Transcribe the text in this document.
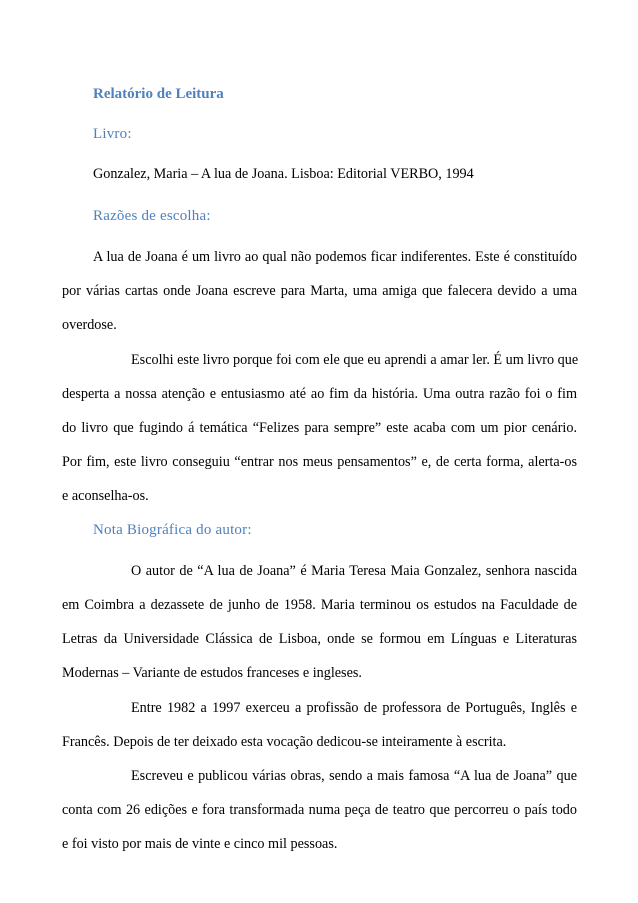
Relatório de Leitura
Livro:
Gonzalez, Maria – A lua de Joana. Lisboa: Editorial VERBO, 1994
Razões de escolha:
A lua de Joana é um livro ao qual não podemos ficar indiferentes. Este é constituído
por várias cartas onde Joana escreve para Marta, uma amiga que falecera devido a uma
overdose.
Escolhi este livro porque foi com ele que eu aprendi a amar ler. É um livro que
desperta a nossa atenção e entusiasmo até ao fim da história. Uma outra razão foi o fim
do livro que fugindo á temática “Felizes para sempre” este acaba com um pior cenário.
Por fim, este livro conseguiu “entrar nos meus pensamentos” e, de certa forma, alerta-os
e aconselha-os.
Nota Biográfica do autor:
O autor de “A lua de Joana” é Maria Teresa Maia Gonzalez, senhora nascida
em Coimbra a dezassete de junho de 1958. Maria terminou os estudos na Faculdade de
Letras da Universidade Clássica de Lisboa, onde se formou em Línguas e Literaturas
Modernas – Variante de estudos franceses e ingleses.
Entre 1982 a 1997 exerceu a profissão de professora de Português, Inglês e
Francês. Depois de ter deixado esta vocação dedicou-se inteiramente à escrita.
Escreveu e publicou várias obras, sendo a mais famosa “A lua de Joana” que
conta com 26 edições e fora transformada numa peça de teatro que percorreu o país todo
e foi visto por mais de vinte e cinco mil pessoas.
